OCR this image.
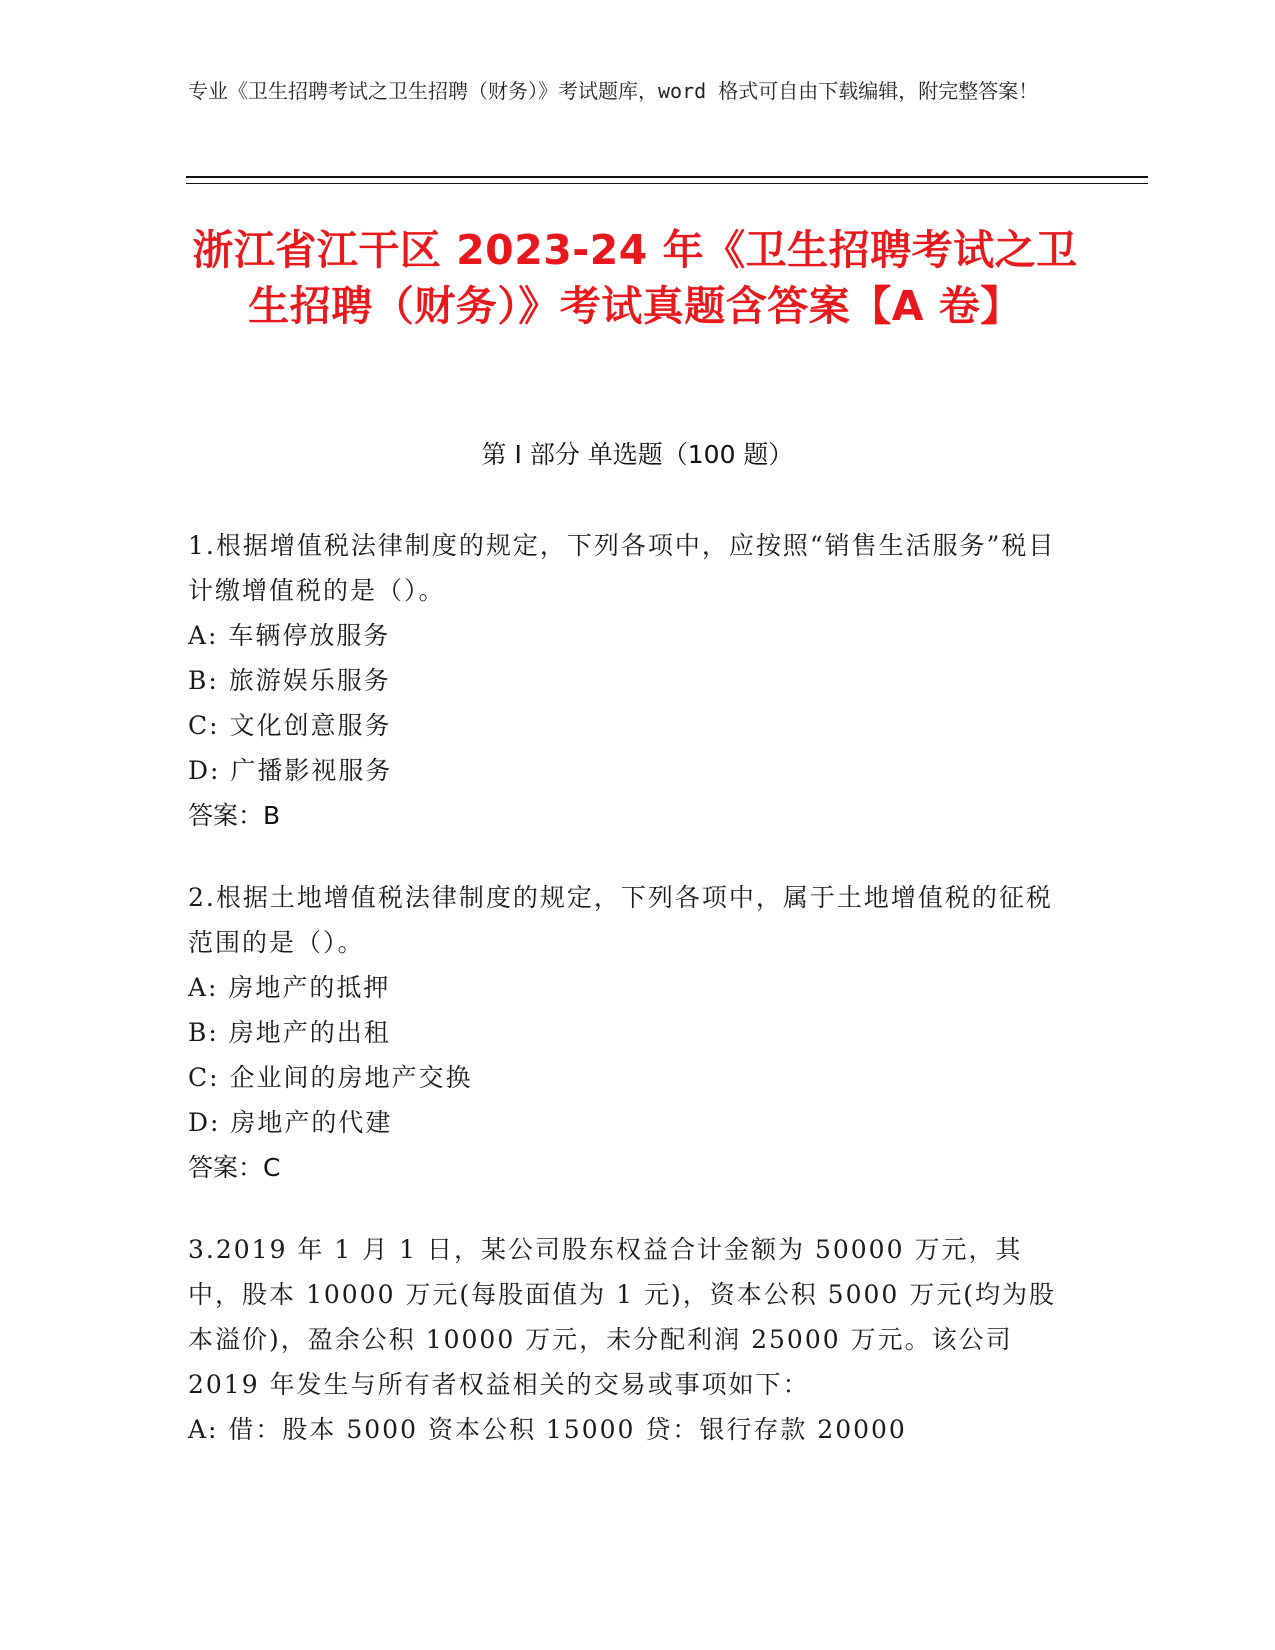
专业《卫生招聘考试之卫生招聘（财务）》考试题库，word 格式可自由下载编辑，附完整答案！
浙江省江干区 2023-24 年《卫生招聘考试之卫生招聘（财务）》考试真题含答案【A 卷】
第 I 部分 单选题（100 题）
1.根据增值税法律制度的规定，下列各项中，应按照“销售生活服务”税目计缴增值税的是（）。
A: 车辆停放服务
B: 旅游娱乐服务
C: 文化创意服务
D: 广播影视服务
答案：B
2.根据土地增值税法律制度的规定，下列各项中，属于土地增值税的征税范围的是（）。
A: 房地产的抵押
B: 房地产的出租
C: 企业间的房地产交换
D: 房地产的代建
答案：C
3.2019 年 1 月 1 日，某公司股东权益合计金额为 50000 万元，其中，股本 10000 万元(每股面值为 1 元)，资本公积 5000 万元(均为股本溢价)，盈余公积 10000 万元，未分配利润 25000 万元。该公司 2019 年发生与所有者权益相关的交易或事项如下：
A: 借：股本 5000 资本公积 15000 贷：银行存款 20000
